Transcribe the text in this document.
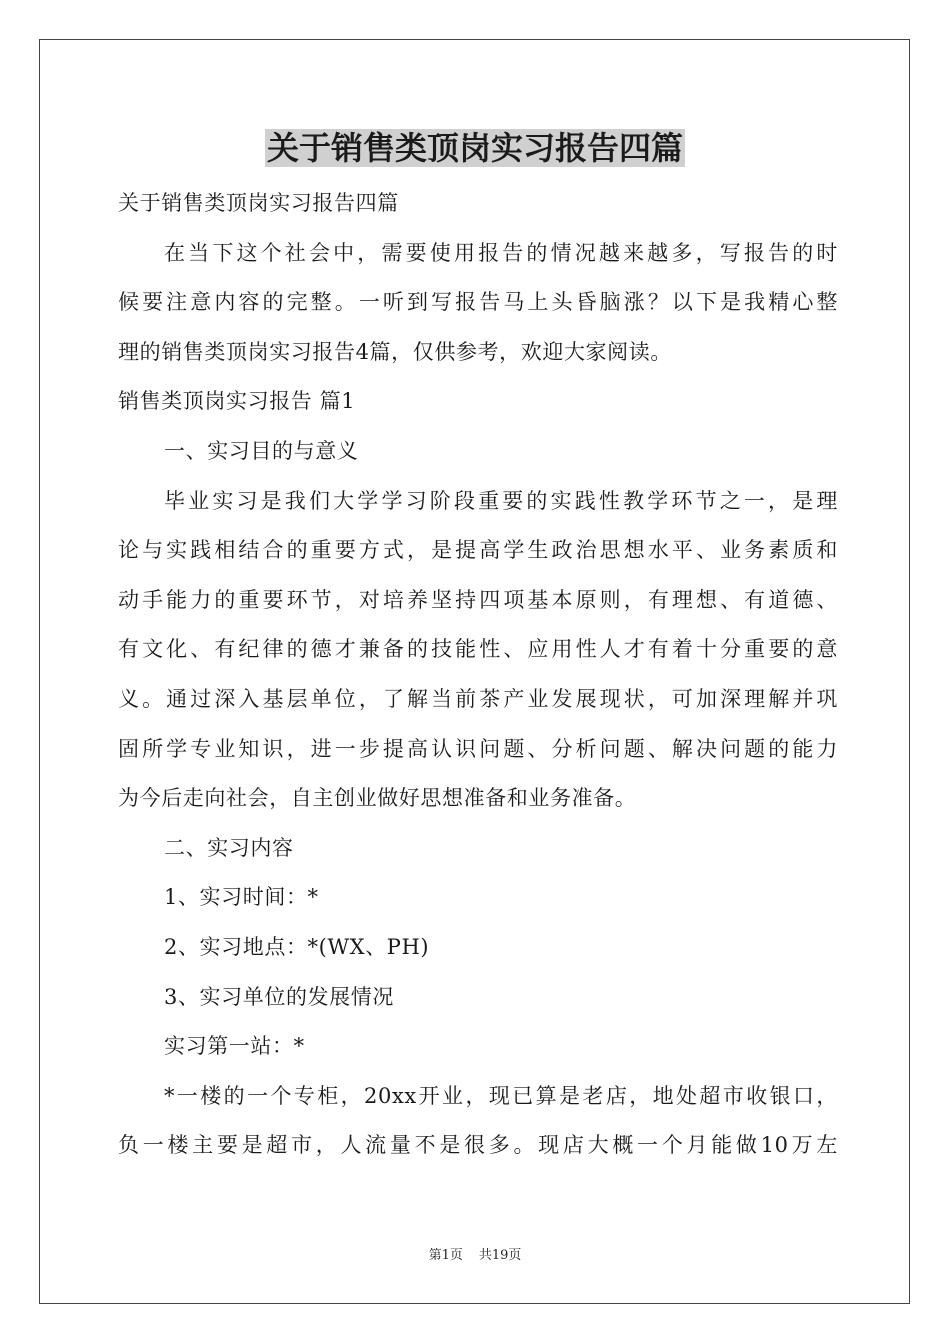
关于销售类顶岗实习报告四篇
关于销售类顶岗实习报告四篇
在当下这个社会中，需要使用报告的情况越来越多，写报告的时
候要注意内容的完整。一听到写报告马上头昏脑涨？以下是我精心整
理的销售类顶岗实习报告4篇，仅供参考，欢迎大家阅读。
销售类顶岗实习报告 篇1
一、实习目的与意义
毕业实习是我们大学学习阶段重要的实践性教学环节之一，是理
论与实践相结合的重要方式，是提高学生政治思想水平、业务素质和
动手能力的重要环节，对培养坚持四项基本原则，有理想、有道德、
有文化、有纪律的德才兼备的技能性、应用性人才有着十分重要的意
义。通过深入基层单位，了解当前茶产业发展现状，可加深理解并巩
固所学专业知识，进一步提高认识问题、分析问题、解决问题的能力
为今后走向社会，自主创业做好思想准备和业务准备。
二、实习内容
1、实习时间：*
2、实习地点：*(WX、PH)
3、实习单位的发展情况
实习第一站：*
*一楼的一个专柜，20xx开业，现已算是老店，地处超市收银口，
负一楼主要是超市，人流量不是很多。现店大概一个月能做10万左
第1页 共19页
